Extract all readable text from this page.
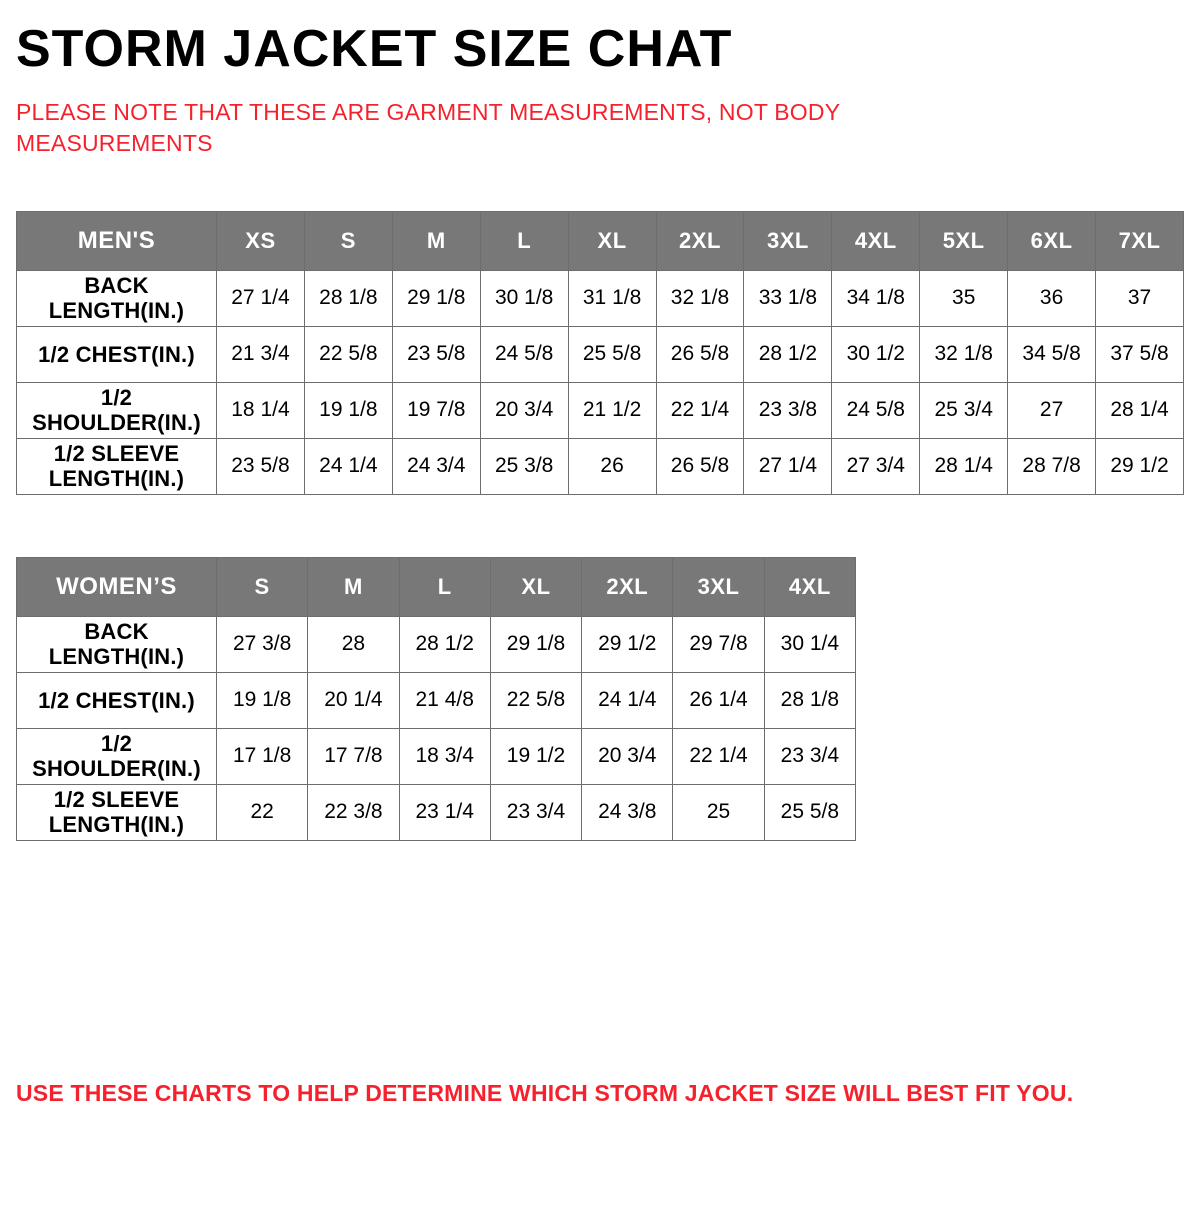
STORM JACKET SIZE CHAT

PLEASE NOTE THAT THESE ARE GARMENT MEASUREMENTS, NOT BODY MEASUREMENTS

MEN'S	XS	S	M	L	XL	2XL	3XL	4XL	5XL	6XL	7XL
BACK LENGTH(IN.)	27 1/4	28 1/8	29 1/8	30 1/8	31 1/8	32 1/8	33 1/8	34 1/8	35	36	37
1/2 CHEST(IN.)	21 3/4	22 5/8	23 5/8	24 5/8	25 5/8	26 5/8	28 1/2	30 1/2	32 1/8	34 5/8	37 5/8
1/2 SHOULDER(IN.)	18 1/4	19 1/8	19 7/8	20 3/4	21 1/2	22 1/4	23 3/8	24 5/8	25 3/4	27	28 1/4
1/2 SLEEVE LENGTH(IN.)	23 5/8	24 1/4	24 3/4	25 3/8	26	26 5/8	27 1/4	27 3/4	28 1/4	28 7/8	29 1/2
WOMEN’S	S	M	L	XL	2XL	3XL	4XL
BACK LENGTH(IN.)	27 3/8	28	28 1/2	29 1/8	29 1/2	29 7/8	30 1/4
1/2 CHEST(IN.)	19 1/8	20 1/4	21 4/8	22 5/8	24 1/4	26 1/4	28 1/8
1/2 SHOULDER(IN.)	17 1/8	17 7/8	18 3/4	19 1/2	20 3/4	22 1/4	23 3/4
1/2 SLEEVE LENGTH(IN.)	22	22 3/8	23 1/4	23 3/4	24 3/8	25	25 5/8
USE THESE CHARTS TO HELP DETERMINE WHICH STORM JACKET SIZE WILL BEST FIT YOU.
